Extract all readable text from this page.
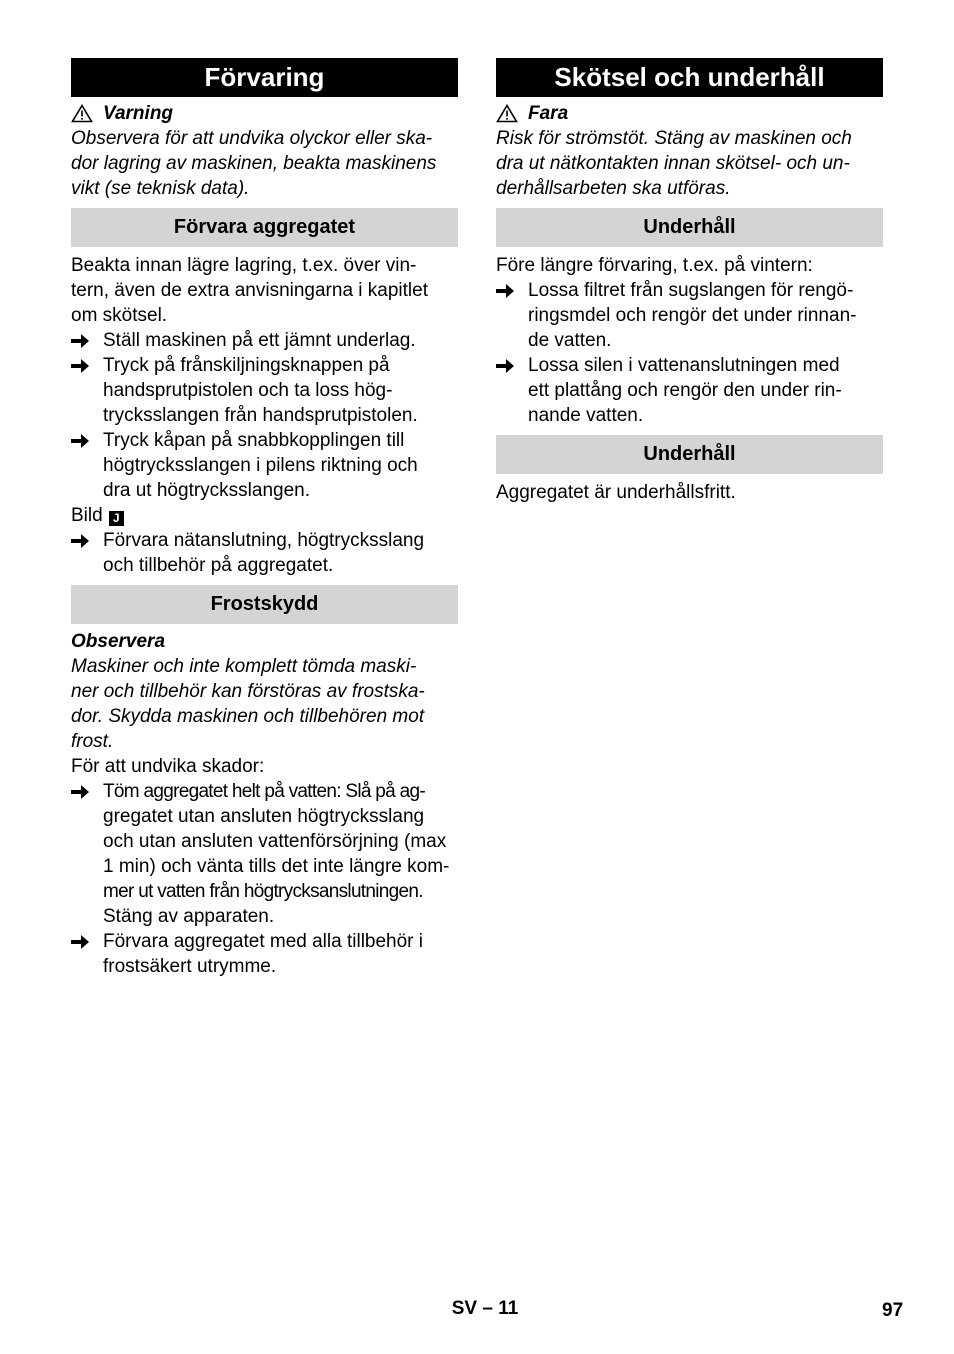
Förvaring
Varning
Observera för att undvika olyckor eller ska-
dor lagring av maskinen, beakta maskinens
vikt (se teknisk data).
Förvara aggregatet
Beakta innan lägre lagring, t.ex. över vin-
tern, även de extra anvisningarna i kapitlet
om skötsel.
Ställ maskinen på ett jämnt underlag.
Tryck på frånskiljningsknappen på
handsprutpistolen och ta loss hög-
trycksslangen från handsprutpistolen.
Tryck kåpan på snabbkopplingen till
högtrycksslangen i pilens riktning och
dra ut högtrycksslangen.
Bild J
Förvara nätanslutning, högtrycksslang
och tillbehör på aggregatet.
Frostskydd
Observera
Maskiner och inte komplett tömda maski-
ner och tillbehör kan förstöras av frostska-
dor. Skydda maskinen och tillbehören mot
frost.
För att undvika skador:
Töm aggregatet helt på vatten: Slå på ag-
gregatet utan ansluten högtrycksslang
och utan ansluten vattenförsörjning (max
1 min) och vänta tills det inte längre kom-
mer ut vatten från högtrycksanslutningen.
Stäng av apparaten.
Förvara aggregatet med alla tillbehör i
frostsäkert utrymme.
Skötsel och underhåll
Fara
Risk för strömstöt. Stäng av maskinen och
dra ut nätkontakten innan skötsel- och un-
derhållsarbeten ska utföras.
Underhåll
Före längre förvaring, t.ex. på vintern:
Lossa filtret från sugslangen för rengö-
ringsmdel och rengör det under rinnan-
de vatten.
Lossa silen i vattenanslutningen med
ett plattång och rengör den under rin-
nande vatten.
Underhåll
Aggregatet är underhållsfritt.
SV – 11	97
